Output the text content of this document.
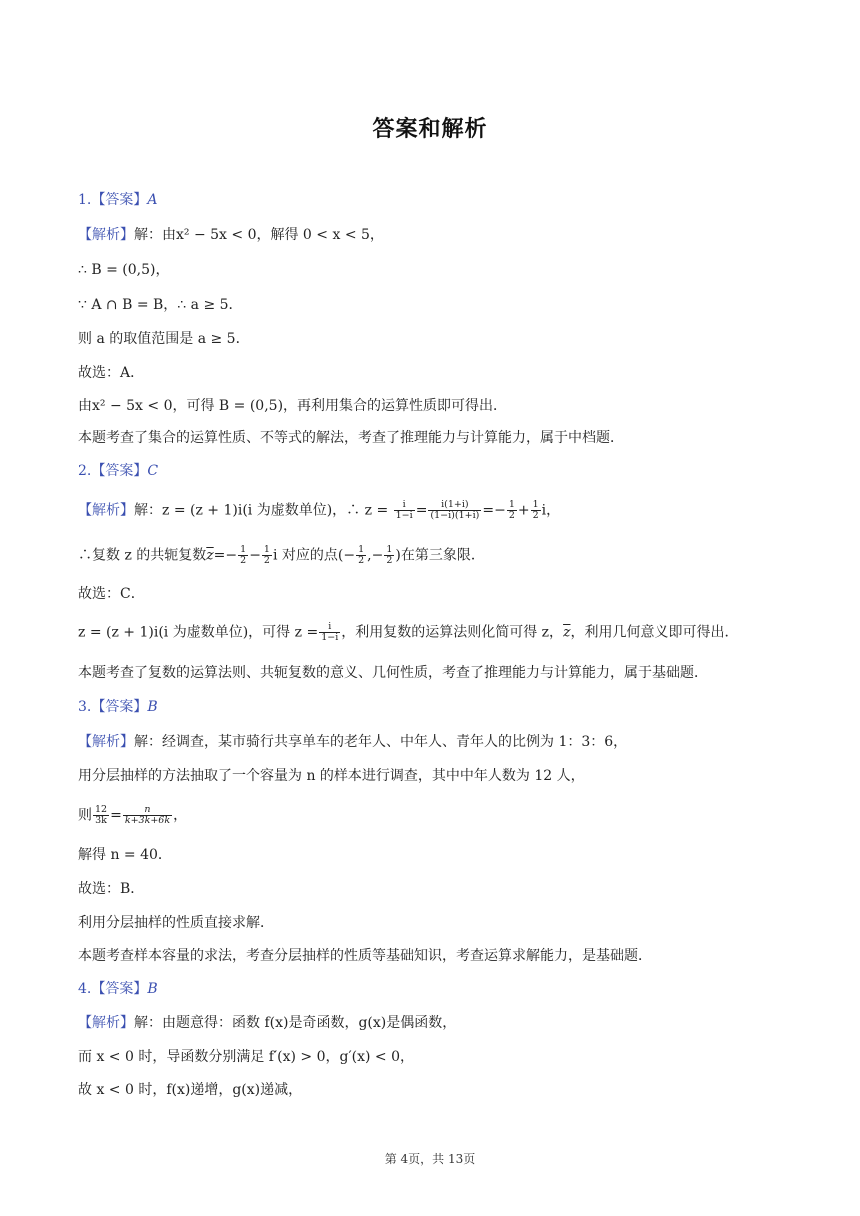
答案和解析
1.【答案】A
【解析】解：由x² − 5x < 0，解得 0 < x < 5，
∴ B = (0,5)，
∵ A ∩ B = B，∴ a ≥ 5．
则 a 的取值范围是 a ≥ 5．
故选：A．
由x² − 5x < 0，可得 B = (0,5)，再利用集合的运算性质即可得出．
本题考查了集合的运算性质、不等式的解法，考查了推理能力与计算能力，属于中档题．
2.【答案】C
【解析】解：z = (z + 1)i(i 为虚数单位)，∴ $z = \frac{i}{1-i} = \frac{i(1+i)}{(1-i)(1+i)} =- \frac{1}{2} + \frac{1}{2}$ i，
∴复数 z 的共轭复数$\overline{z}=- \frac{1}{2} - \frac{1}{2}$ i 对应的点(− $\frac{1}{2}$ ,− $\frac{1}{2}$ )在第三象限．
故选：C．
z = (z + 1)i(i 为虚数单位)，可得 $z = \frac{i}{1-i}$ ，利用复数的运算法则化简可得 z，$\overline{z}$，利用几何意义即可得出．
本题考查了复数的运算法则、共轭复数的意义、几何性质，考查了推理能力与计算能力，属于基础题．
3.【答案】B
【解析】解：经调查，某市骑行共享单车的老年人、中年人、青年人的比例为 1：3：6，
用分层抽样的方法抽取了一个容量为 n 的样本进行调查，其中中年人数为 12 人，
则 $\frac{12}{3k} = \frac{n}{k+3k+6k}$ ，
解得 n = 40．
故选：B．
利用分层抽样的性质直接求解．
本题考查样本容量的求法，考查分层抽样的性质等基础知识，考查运算求解能力，是基础题．
4.【答案】B
【解析】解：由题意得：函数 f(x)是奇函数，g(x)是偶函数，
而 x < 0 时，导函数分别满足 f′(x) > 0，g′(x) < 0，
故 x < 0 时，f(x)递增，g(x)递减，
第 4页，共 13页
